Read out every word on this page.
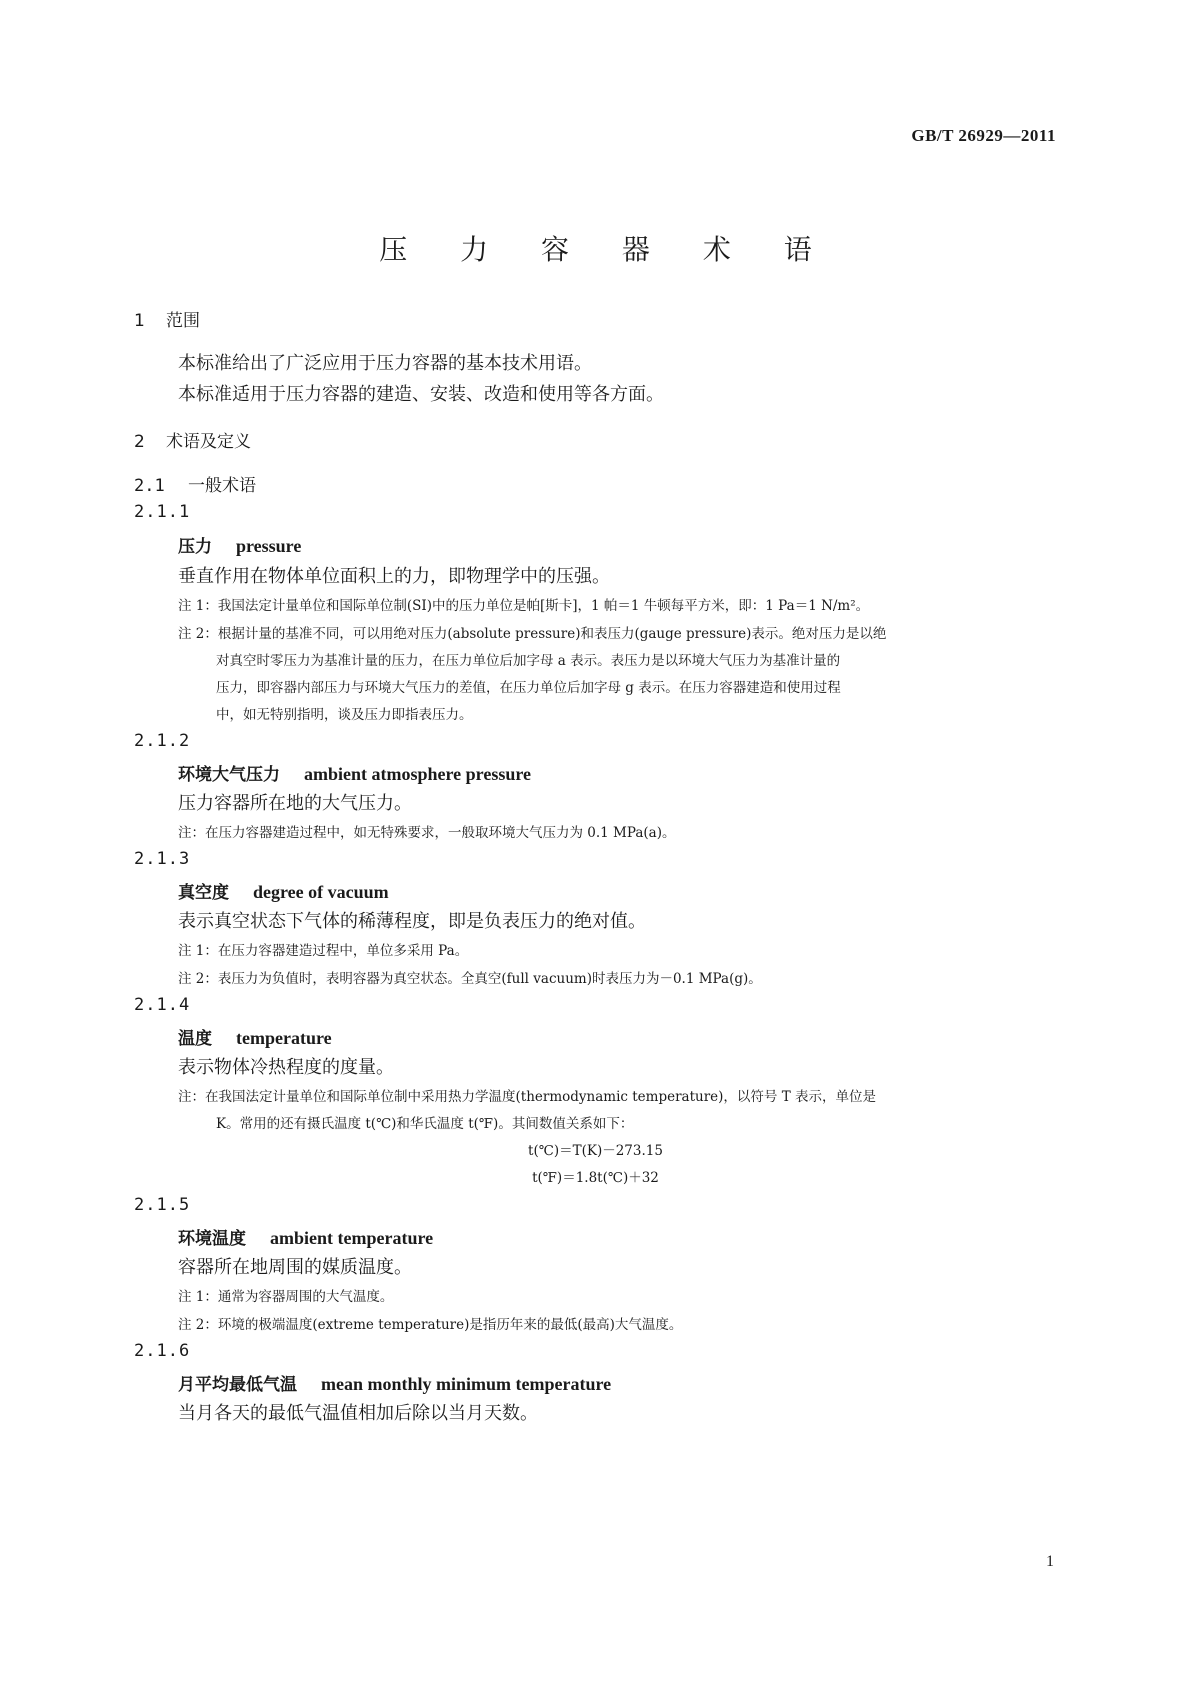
GB/T 26929—2011
压 力 容 器 术 语
1 范围
本标准给出了广泛应用于压力容器的基本技术用语。
本标准适用于压力容器的建造、安装、改造和使用等各方面。
2 术语及定义
2.1 一般术语
2.1.1
压力 pressure
垂直作用在物体单位面积上的力，即物理学中的压强。
注 1：我国法定计量单位和国际单位制(SI)中的压力单位是帕[斯卡]，1 帕＝1 牛顿每平方米，即：1 Pa＝1 N/m²。
注 2：根据计量的基准不同，可以用绝对压力(absolute pressure)和表压力(gauge pressure)表示。绝对压力是以绝
对真空时零压力为基准计量的压力，在压力单位后加字母 a 表示。表压力是以环境大气压力为基准计量的
压力，即容器内部压力与环境大气压力的差值，在压力单位后加字母 g 表示。在压力容器建造和使用过程
中，如无特别指明，谈及压力即指表压力。
2.1.2
环境大气压力 ambient atmosphere pressure
压力容器所在地的大气压力。
注：在压力容器建造过程中，如无特殊要求，一般取环境大气压力为 0.1 MPa(a)。
2.1.3
真空度 degree of vacuum
表示真空状态下气体的稀薄程度，即是负表压力的绝对值。
注 1：在压力容器建造过程中，单位多采用 Pa。
注 2：表压力为负值时，表明容器为真空状态。全真空(full vacuum)时表压力为－0.1 MPa(g)。
2.1.4
温度 temperature
表示物体冷热程度的度量。
注：在我国法定计量单位和国际单位制中采用热力学温度(thermodynamic temperature)，以符号 T 表示，单位是
K。常用的还有摄氏温度 t(℃)和华氏温度 t(℉)。其间数值关系如下：
t(℃)＝T(K)－273.15
t(℉)＝1.8t(℃)＋32
2.1.5
环境温度 ambient temperature
容器所在地周围的媒质温度。
注 1：通常为容器周围的大气温度。
注 2：环境的极端温度(extreme temperature)是指历年来的最低(最高)大气温度。
2.1.6
月平均最低气温 mean monthly minimum temperature
当月各天的最低气温值相加后除以当月天数。
1
